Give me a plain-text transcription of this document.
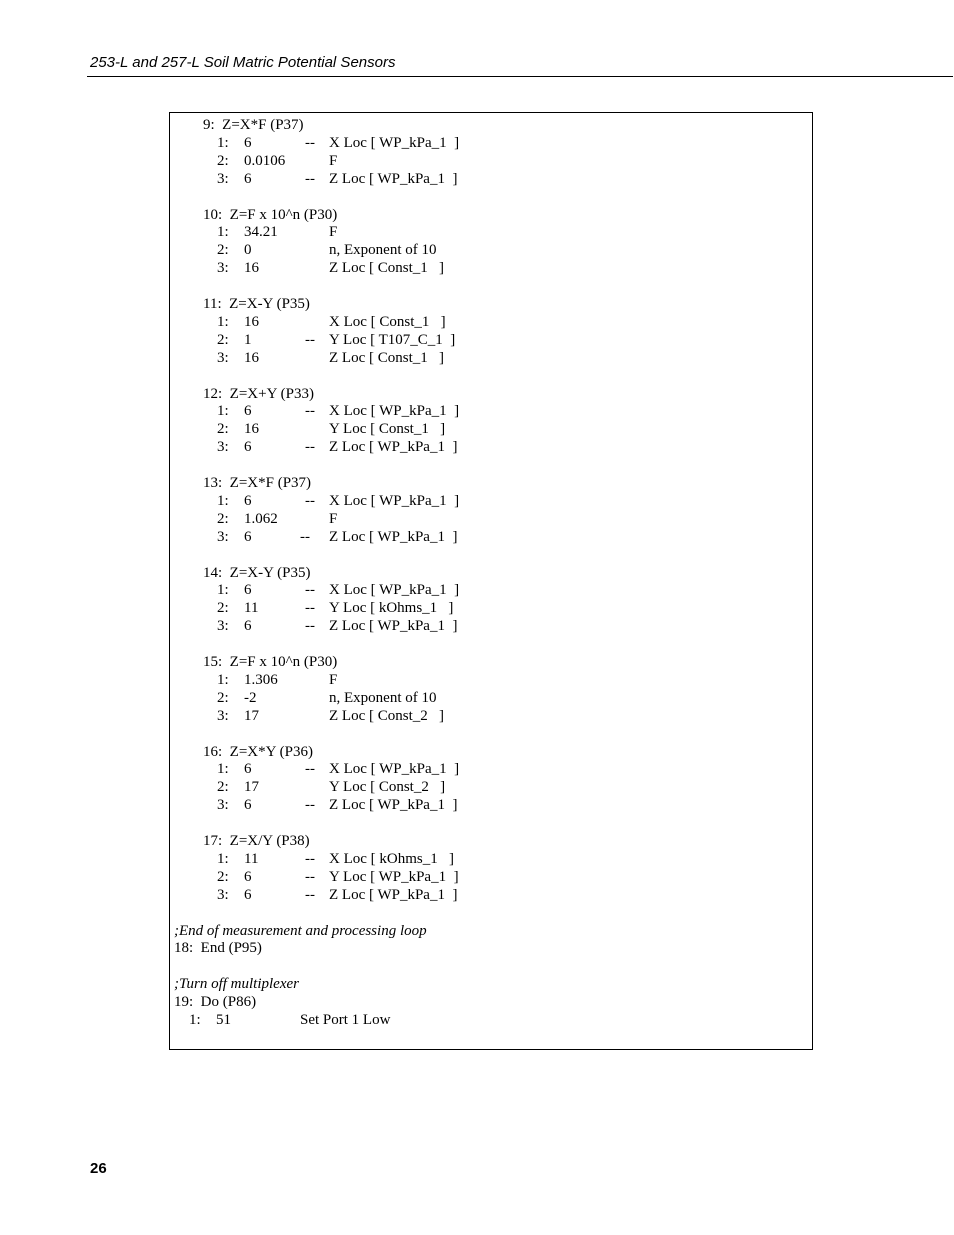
253-L and 257-L Soil Matric Potential Sensors
9:  Z=X*F (P37)
1: 6	-- X Loc [ WP_kPa_1  ]
2: 0.0106	F
3: 6	-- Z Loc [ WP_kPa_1  ]
10:  Z=F x 10^n (P30)
1: 34.21	F
2: 0	n, Exponent of 10
3: 16	Z Loc [ Const_1   ]
11:  Z=X-Y (P35)
1: 16	X Loc [ Const_1   ]
2: 1	-- Y Loc [ T107_C_1  ]
3: 16	Z Loc [ Const_1   ]
12:  Z=X+Y (P33)
1: 6	-- X Loc [ WP_kPa_1  ]
2: 16	Y Loc [ Const_1   ]
3: 6	-- Z Loc [ WP_kPa_1  ]
13:  Z=X*F (P37)
1: 6	-- X Loc [ WP_kPa_1  ]
2: 1.062	F
3: 6	-- Z Loc [ WP_kPa_1  ]
14:  Z=X-Y (P35)
1: 6	-- X Loc [ WP_kPa_1  ]
2: 11	-- Y Loc [ kOhms_1   ]
3: 6	-- Z Loc [ WP_kPa_1  ]
15:  Z=F x 10^n (P30)
1: 1.306	F
2: -2	n, Exponent of 10
3: 17	Z Loc [ Const_2   ]
16:  Z=X*Y (P36)
1: 6	-- X Loc [ WP_kPa_1  ]
2: 17	Y Loc [ Const_2   ]
3: 6	-- Z Loc [ WP_kPa_1  ]
17:  Z=X/Y (P38)
1: 11	-- X Loc [ kOhms_1   ]
2: 6	-- Y Loc [ WP_kPa_1  ]
3: 6	-- Z Loc [ WP_kPa_1  ]
;End of measurement and processing loop
18:  End (P95)
;Turn off multiplexer
19:  Do (P86)
1: 51	Set Port 1 Low
26
